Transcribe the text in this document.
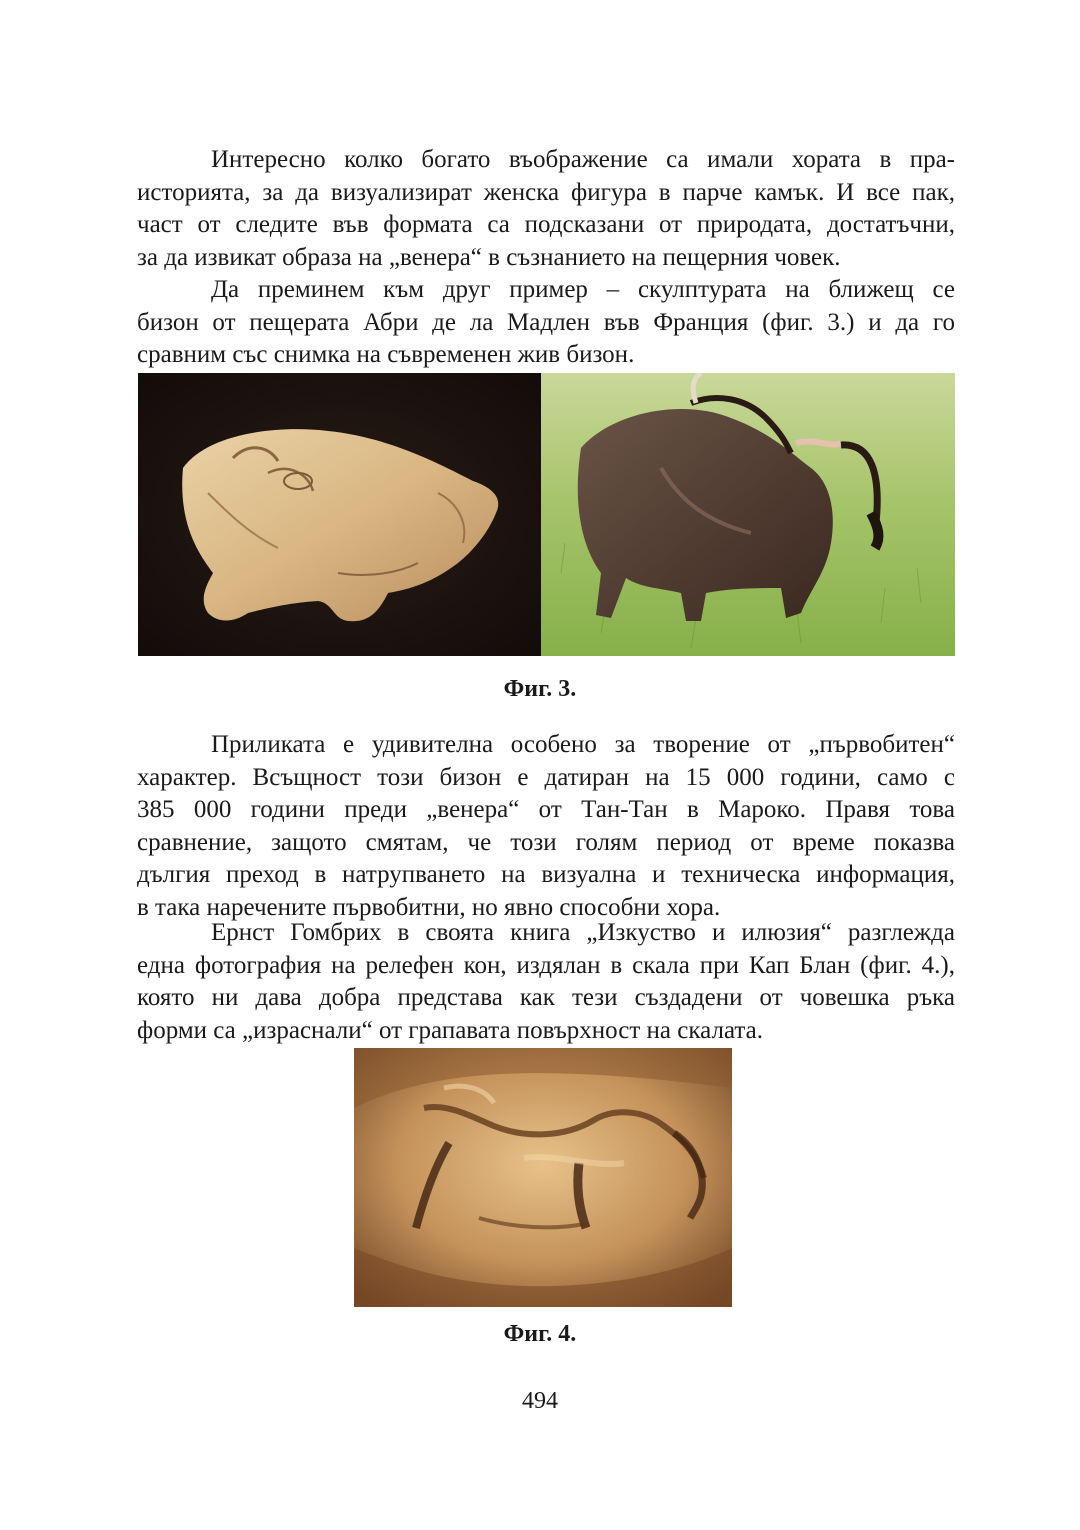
Интересно колко богато въображение са имали хората в пра-
историята, за да визуализират женска фигура в парче камък. И все пак,
част от следите във формата са подсказани от природата, достатъчни,
за да извикат образа на „венера“ в съзнанието на пещерния човек.

Да преминем към друг пример – скулптурата на ближещ се
бизон от пещерата Абри де ла Мадлен във Франция (фиг. 3.) и да го
сравним със снимка на съвременен жив бизон.

Фиг. 3.

Приликата е удивителна особено за творение от „първобитен“
характер. Всъщност този бизон е датиран на 15 000 години, само с
385 000 години преди „венера“ от Тан-Тан в Мароко. Правя това
сравнение, защото смятам, че този голям период от време показва
дългия преход в натрупването на визуална и техническа информация,
в така наречените първобитни, но явно способни хора.

Ернст Гомбрих в своята книга „Изкуство и илюзия“ разглежда
една фотография на релефен кон, издялан в скала при Кап Блан (фиг. 4.),
която ни дава добра представа как тези създадени от човешка ръка
форми са „израснали“ от грапавата повърхност на скалата.

Фиг. 4.
494
